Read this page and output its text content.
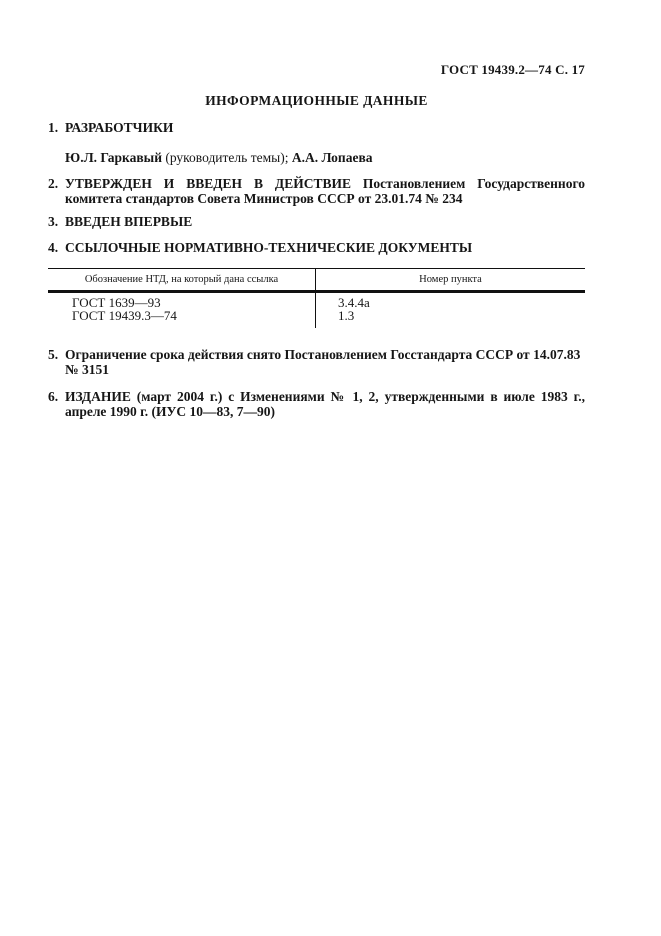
ГОСТ 19439.2—74 С. 17
ИНФОРМАЦИОННЫЕ ДАННЫЕ
1. РАЗРАБОТЧИКИ
Ю.Л. Гаркавый (руководитель темы); А.А. Лопаева
2. УТВЕРЖДЕН И ВВЕДЕН В ДЕЙСТВИЕ Постановлением Государственного комитета стандартов Совета Министров СССР от 23.01.74 № 234
3. ВВЕДЕН ВПЕРВЫЕ
4. ССЫЛОЧНЫЕ НОРМАТИВНО-ТЕХНИЧЕСКИЕ ДОКУМЕНТЫ
Обозначение НТД, на который дана ссылка	Номер пункта
ГОСТ 1639—93
ГОСТ 19439.3—74
3.4.4а
1.3
5. Ограничение срока действия снято Постановлением Госстандарта СССР от 14.07.83 № 3151
6. ИЗДАНИЕ (март 2004 г.) с Изменениями № 1, 2, утвержденными в июле 1983 г., апреле 1990 г. (ИУС 10—83, 7—90)
